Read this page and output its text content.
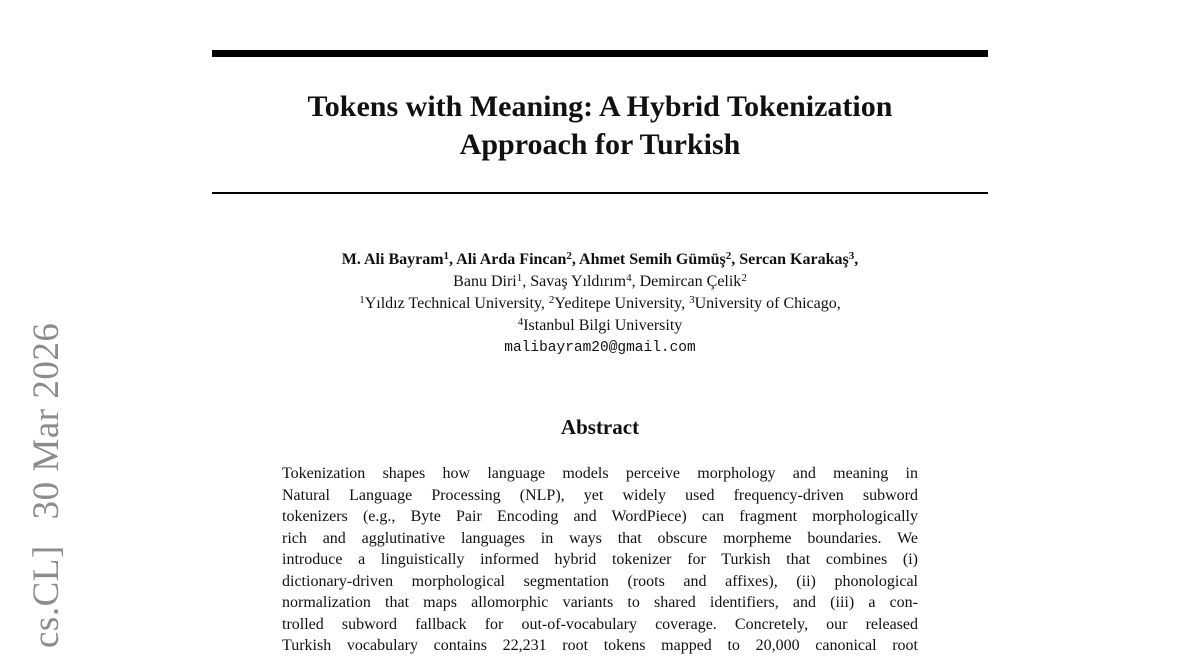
cs.CL]30 Mar 2026
Tokens with Meaning: A Hybrid Tokenization
Approach for Turkish
M. Ali Bayram$^1$, Ali Arda Fincan$^2$, Ahmet Semih Gümüş$^2$, Sercan Karakaş$^3$,
Banu Diri$^1$, Savaş Yıldırım$^4$, Demircan Çelik$^2$
$^1$Yıldız Technical University, $^2$Yeditepe University, $^3$University of Chicago,
$^4$Istanbul Bilgi University
malibayram20@gmail.com
Abstract
Tokenization shapes how language models perceive morphology and meaning in
Natural Language Processing (NLP), yet widely used frequency-driven subword
tokenizers (e.g., Byte Pair Encoding and WordPiece) can fragment morphologically
rich and agglutinative languages in ways that obscure morpheme boundaries. We
introduce a linguistically informed hybrid tokenizer for Turkish that combines (i)
dictionary-driven morphological segmentation (roots and affixes), (ii) phonological
normalization that maps allomorphic variants to shared identifiers, and (iii) a con-
trolled subword fallback for out-of-vocabulary coverage. Concretely, our released
Turkish vocabulary contains 22,231 root tokens mapped to 20,000 canonical root
